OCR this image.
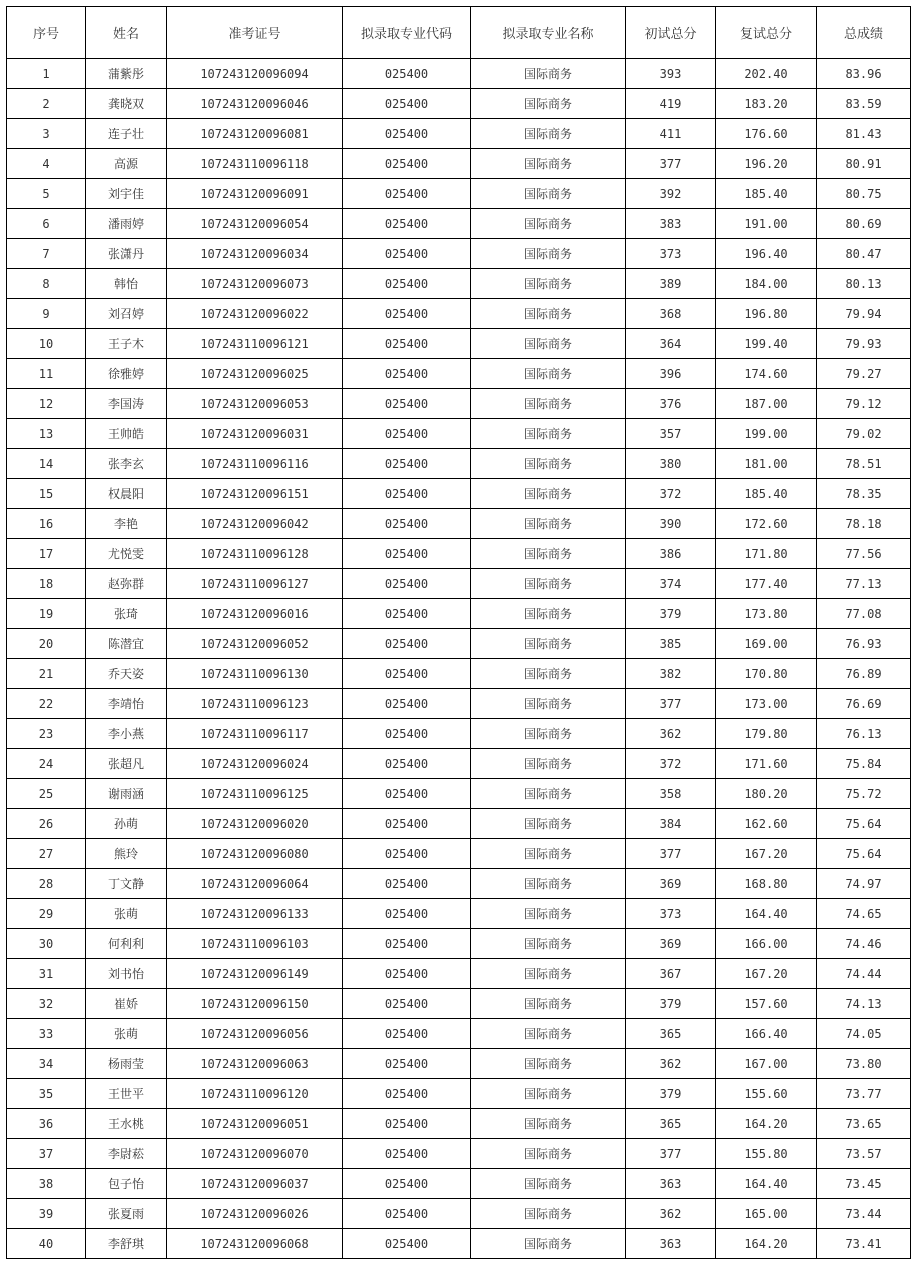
序号	姓名	准考证号	拟录取专业代码	拟录取专业名称	初试总分	复试总分	总成绩
1	蒲紫彤	107243120096094	025400	国际商务	393	202.40	83.96
2	龚晓双	107243120096046	025400	国际商务	419	183.20	83.59
3	连子壮	107243120096081	025400	国际商务	411	176.60	81.43
4	高源	107243110096118	025400	国际商务	377	196.20	80.91
5	刘宇佳	107243120096091	025400	国际商务	392	185.40	80.75
6	潘雨婷	107243120096054	025400	国际商务	383	191.00	80.69
7	张潇丹	107243120096034	025400	国际商务	373	196.40	80.47
8	韩怡	107243120096073	025400	国际商务	389	184.00	80.13
9	刘召婷	107243120096022	025400	国际商务	368	196.80	79.94
10	王子木	107243110096121	025400	国际商务	364	199.40	79.93
11	徐雅婷	107243120096025	025400	国际商务	396	174.60	79.27
12	李国涛	107243120096053	025400	国际商务	376	187.00	79.12
13	王帅皓	107243120096031	025400	国际商务	357	199.00	79.02
14	张李玄	107243110096116	025400	国际商务	380	181.00	78.51
15	权晨阳	107243120096151	025400	国际商务	372	185.40	78.35
16	李艳	107243120096042	025400	国际商务	390	172.60	78.18
17	尤悦雯	107243110096128	025400	国际商务	386	171.80	77.56
18	赵弥群	107243110096127	025400	国际商务	374	177.40	77.13
19	张琦	107243120096016	025400	国际商务	379	173.80	77.08
20	陈潜宜	107243120096052	025400	国际商务	385	169.00	76.93
21	乔天姿	107243110096130	025400	国际商务	382	170.80	76.89
22	李靖怡	107243110096123	025400	国际商务	377	173.00	76.69
23	李小燕	107243110096117	025400	国际商务	362	179.80	76.13
24	张超凡	107243120096024	025400	国际商务	372	171.60	75.84
25	谢雨涵	107243110096125	025400	国际商务	358	180.20	75.72
26	孙萌	107243120096020	025400	国际商务	384	162.60	75.64
27	熊玲	107243120096080	025400	国际商务	377	167.20	75.64
28	丁文静	107243120096064	025400	国际商务	369	168.80	74.97
29	张萌	107243120096133	025400	国际商务	373	164.40	74.65
30	何利利	107243110096103	025400	国际商务	369	166.00	74.46
31	刘书怡	107243120096149	025400	国际商务	367	167.20	74.44
32	崔娇	107243120096150	025400	国际商务	379	157.60	74.13
33	张萌	107243120096056	025400	国际商务	365	166.40	74.05
34	杨雨莹	107243120096063	025400	国际商务	362	167.00	73.80
35	王世平	107243110096120	025400	国际商务	379	155.60	73.77
36	王水桃	107243120096051	025400	国际商务	365	164.20	73.65
37	李尉菘	107243120096070	025400	国际商务	377	155.80	73.57
38	包子怡	107243120096037	025400	国际商务	363	164.40	73.45
39	张夏雨	107243120096026	025400	国际商务	362	165.00	73.44
40	李舒琪	107243120096068	025400	国际商务	363	164.20	73.41
